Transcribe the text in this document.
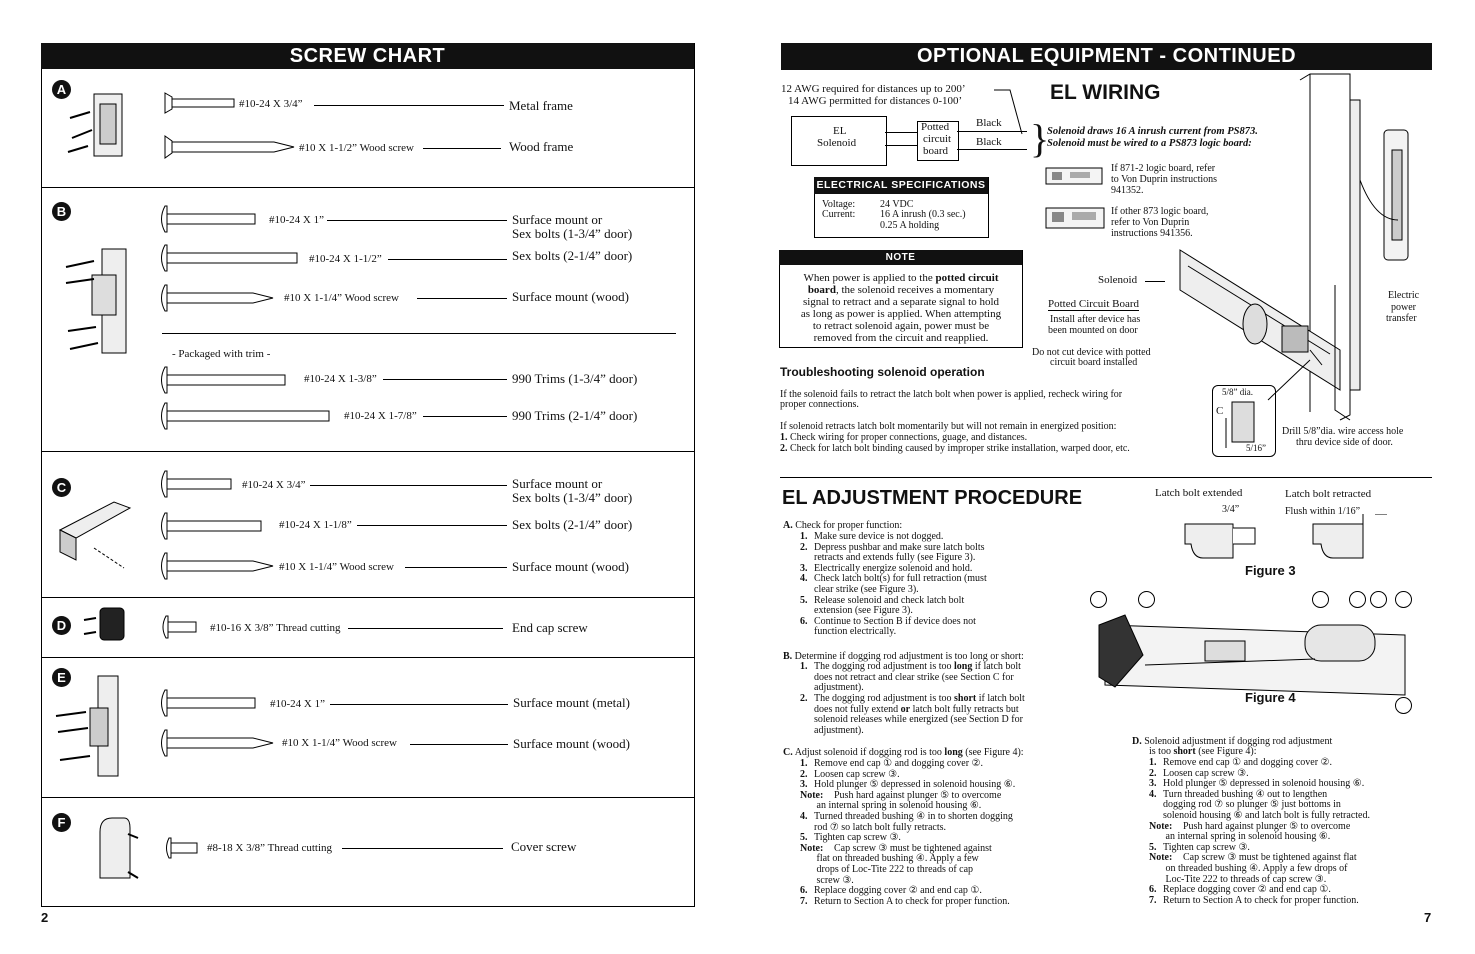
SCREW CHART
A
B
C
D
E
F
#10-24 X 3/4”	Metal frame
#10 X 1-1/2” Wood screw	Wood frame
#10-24 X 1”	Surface mount or
Sex bolts (1-3/4” door)
#10-24 X 1-1/2”	Sex bolts (2-1/4” door)
#10 X 1-1/4” Wood screw	Surface mount (wood)
- Packaged with trim -
#10-24 X 1-3/8”	990 Trims (1-3/4” door)
#10-24 X 1-7/8”	990 Trims (2-1/4” door)
#10-24 X 3/4”	Surface mount or
Sex bolts (1-3/4” door)
#10-24 X 1-1/8”	Sex bolts (2-1/4” door)
#10 X 1-1/4” Wood screw	Surface mount (wood)
#10-16 X 3/8” Thread cutting	End cap screw
#10-24 X 1”	Surface mount (metal)
#10 X 1-1/4” Wood screw	Surface mount (wood)
#8-18 X 3/8” Thread cutting	Cover screw
2
OPTIONAL EQUIPMENT - CONTINUED
12 AWG required for distances up to 200’
14 AWG permitted for distances 0-100’	EL WIRING
EL
Solenoid
Potted
circuit
board
Black
Black }
Solenoid draws 16 A inrush current from PS873.
Solenoid must be wired to a PS873 logic board:
If 871-2 logic board, refer
to Von Duprin instructions
941352.
If other 873 logic board,
refer to Von Duprin
instructions 941356.
ELECTRICAL SPECIFICATIONS
Voltage: 24 VDC
Current: 16 A inrush (0.3 sec.)
0.25 A holding
NOTE
When power is applied to the potted circuit
board, the solenoid receives a momentary
signal to retract and a separate signal to hold
as long as power is applied. When attempting
to retract solenoid again, power must be
removed from the circuit and reapplied.
Solenoid
Potted Circuit Board
Install after device has
been mounted on door
Do not cut device with potted
circuit board installed
Electric
power
transfer
5/8” dia.
C
5/16”
Drill 5/8”dia. wire access hole
thru device side of door.
Troubleshooting solenoid operation
If the solenoid fails to retract the latch bolt when power is applied, recheck wiring for
proper connections.
If solenoid retracts latch bolt momentarily but will not remain in energized position:
1. Check wiring for proper connections, guage, and distances.
2. Check for latch bolt binding caused by improper strike installation, warped door, etc.
EL ADJUSTMENT PROCEDURE	Latch bolt extended	Latch bolt retracted
3/4”	Flush within 1/16”
Figure 3
Figure 4
A. Check for proper function:
1. Make sure device is not dogged.
2. Depress pushbar and make sure latch bolts
retracts and extends fully (see Figure 3).
3. Electrically energize solenoid and hold.
4. Check latch bolt(s) for full retraction (must
clear strike (see Figure 3).
5. Release solenoid and check latch bolt
extension (see Figure 3).
6. Continue to Section B if device does not
function electrically.
B. Determine if dogging rod adjustment is too long or short:
1. The dogging rod adjustment is too long if latch bolt
does not retract and clear strike (see Section C for
adjustment).
2. The dogging rod adjustment is too short if latch bolt
does not fully extend or latch bolt fully retracts but
solenoid releases while energized (see Section D for
adjustment).
C. Adjust solenoid if dogging rod is too long (see Figure 4):
1. Remove end cap ① and dogging cover ②.
2. Loosen cap screw ③.
3. Hold plunger ⑤ depressed in solenoid housing ⑥.
Note: Push hard against plunger ⑤ to overcome
an internal spring in solenoid housing ⑥.
4. Turned threaded bushing ④ in to shorten dogging
rod ⑦ so latch bolt fully retracts.
5. Tighten cap screw ③.
Note: Cap screw ③ must be tightened against
flat on threaded bushing ④. Apply a few
drops of Loc-Tite 222 to threads of cap
screw ③.
6. Replace dogging cover ② and end cap ①.
7. Return to Section A to check for proper function.
D. Solenoid adjustment if dogging rod adjustment
is too short (see Figure 4):
1. Remove end cap ① and dogging cover ②.
2. Loosen cap screw ③.
3. Hold plunger ⑤ depressed in solenoid housing ⑥.
4. Turn threaded bushing ④ out to lengthen
dogging rod ⑦ so plunger ⑤ just bottoms in
solenoid housing ⑥ and latch bolt is fully retracted.
Note: Push hard against plunger ⑤ to overcome
an internal spring in solenoid housing ⑥.
5. Tighten cap screw ③.
Note: Cap screw ③ must be tightened against flat
on threaded bushing ④. Apply a few drops of
Loc-Tite 222 to threads of cap screw ③.
6. Replace dogging cover ② and end cap ①.
7. Return to Section A to check for proper function.
7
